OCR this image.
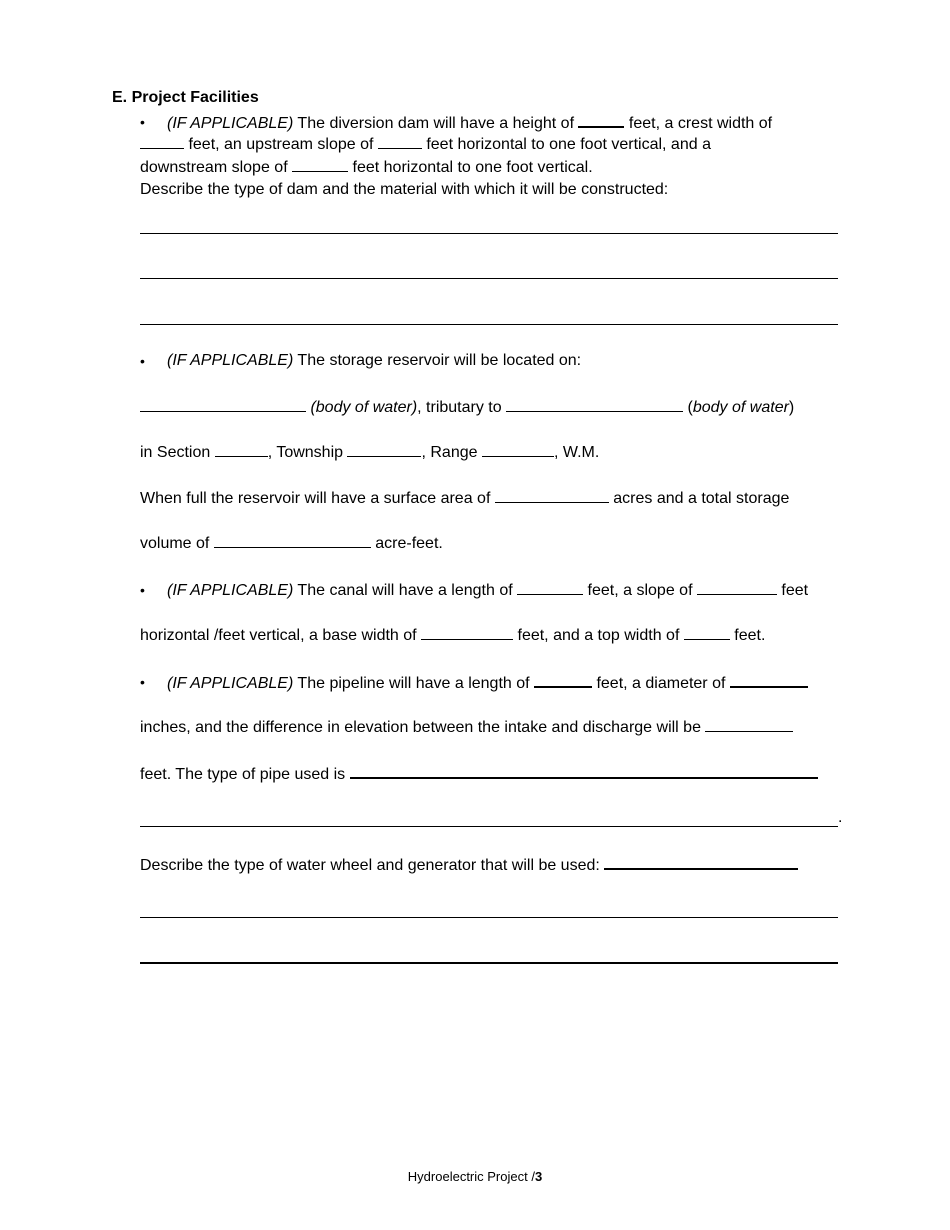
E. Project Facilities
• (IF APPLICABLE) The diversion dam will have a height of	feet, a crest width of
feet, an upstream slope of	feet horizontal to one foot vertical, and a
downstream slope of	feet horizontal to one foot vertical.
Describe the type of dam and the material with which it will be constructed:
• (IF APPLICABLE) The storage reservoir will be located on:
(body of water), tributary to	(body of water)
in Section	, Township	, Range	, W.M.
When full the reservoir will have a surface area of	acres and a total storage
volume of	acre-feet.
• (IF APPLICABLE) The canal will have a length of	feet, a slope of	feet
horizontal /feet vertical, a base width of	feet, and a top width of	feet.
• (IF APPLICABLE) The pipeline will have a length of	feet, a diameter of
inches, and the difference in elevation between the intake and discharge will be
feet. The type of pipe used is
.
Describe the type of water wheel and generator that will be used:
Hydroelectric Project /3
